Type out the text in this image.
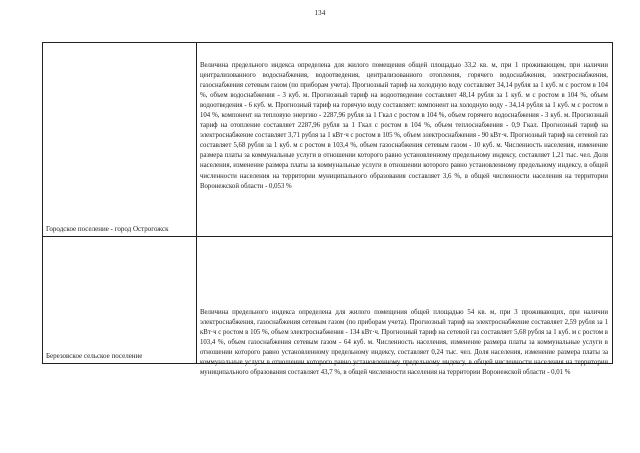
134
Городское поселение - город Острогожск
Величина предельного индекса определена для жилого помещения общей площадью 33,2 кв. м, при 1 проживающем, при наличии централизованного водоснабжения, водоотведения, централизованного отопления, горячего водоснабжения, электроснабжения, газоснабжения сетевым газом (по приборам учета). Прогнозный тариф на холодную воду составляет 34,14 рубля за 1 куб. м с ростом в 104 %, объем водоснабжения - 3 куб. м. Прогнозный тариф на водоотведение составляет 48,14 рубля за 1 куб. м с ростом в 104 %, объем водоотведения - 6 куб. м. Прогнозный тариф на горячую воду составляет: компонент на холодную воду - 34,14 рубля за 1 куб. м с ростом в 104 %, компонент на тепловую энергию - 2287,96 рубля за 1 Гкал с ростом в 104 %, объем горячего водоснабжения - 3 куб. м. Прогнозный тариф на отопление составляет 2287,96 рубля за 1 Гкал с ростом в 104 %, объем теплоснабжения - 0,9 Гкал. Прогнозный тариф на электроснабжение составляет 3,71 рубля за 1 кВт·ч с ростом в 105 %, объем электроснабжения - 90 кВт·ч. Прогнозный тариф на сетевой газ составляет 5,68 рубля за 1 куб. м с ростом в 103,4 %, объем газоснабжения сетевым газом - 10 куб. м. Численность населения, изменение размера платы за коммунальные услуги в отношении которого равно установленному предельному индексу, составляет 1,21 тыс. чел. Доля населения, изменение размера платы за коммунальные услуги в отношении которого равно установленному предельному индексу, в общей численности населения на территории муниципального образования составляет 3,6 %, в общей численности населения на территории Воронежской области - 0,053 %
Березовское сельское поселение
Величина предельного индекса определена для жилого помещения общей площадью 54 кв. м, при 3 проживающих, при наличии электроснабжения, газоснабжения сетевым газом (по приборам учета). Прогнозный тариф на электроснабжение составляет 2,59 рубля за 1 кВт·ч с ростом в 105 %, объем электроснабжения - 134 кВт·ч. Прогнозный тариф на сетевой газ составляет 5,68 рубля за 1 куб. м с ростом в 103,4 %, объем газоснабжения сетевым газом - 64 куб. м. Численность населения, изменение размера платы за коммунальные услуги в отношении которого равно установленному предельному индексу, составляет 0,24 тыс. чел. Доля населения, изменение размера платы за коммунальные услуги в отношении которого равно установленному предельному индексу, в общей численности населения на территории муниципального образования составляет 43,7 %, в общей численности населения на территории Воронежской области - 0,01 %
